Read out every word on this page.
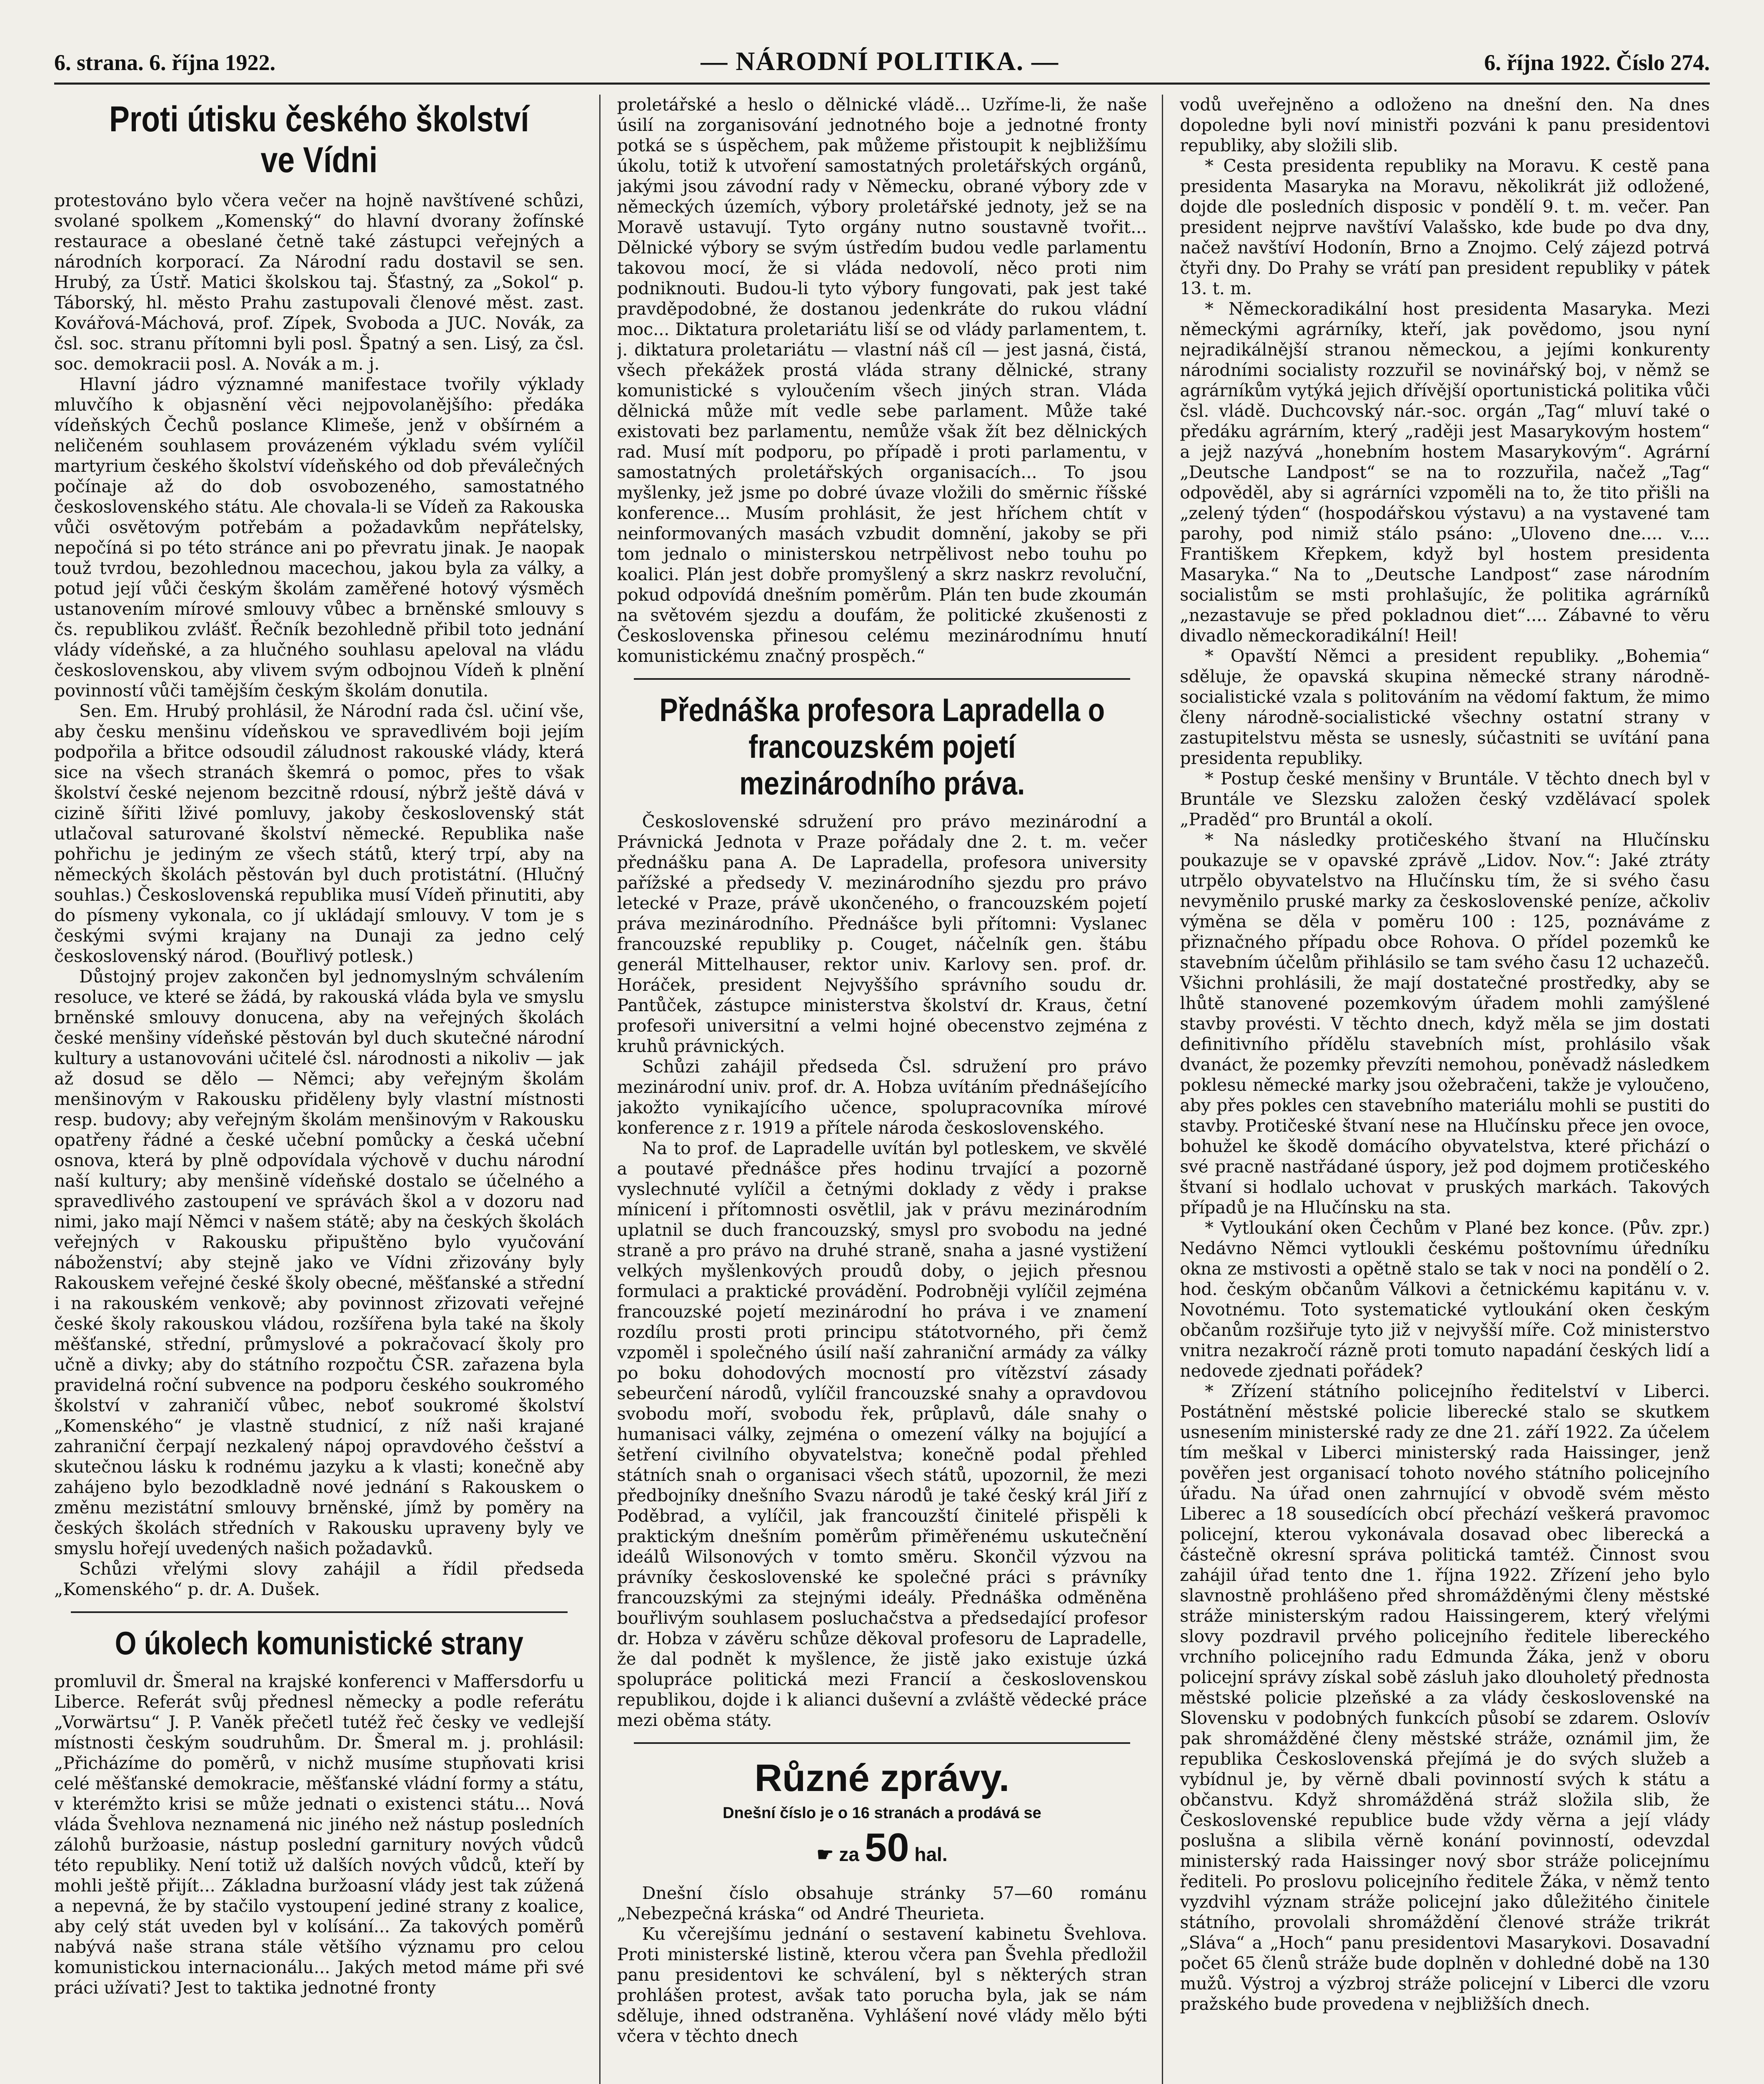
6. strana. 6. října 1922.	— NÁRODNÍ POLITIKA. —	6. října 1922. Číslo 274.
Proti útisku českého školství ve Vídni

protestováno bylo včera večer na hojně navštívené schůzi, svolané spolkem „Komenský“ do hlavní dvorany žofínské restaurace a obeslané četně také zástupci veřejných a národních korporací. Za Národní radu dostavil se sen. Hrubý, za Ústř. Matici školskou taj. Šťastný, za „Sokol“ p. Táborský, hl. město Prahu zastupovali členové měst. zast. Kovářová-Máchová, prof. Zípek, Svoboda a JUC. Novák, za čsl. soc. stranu přítomni byli posl. Špatný a sen. Lisý, za čsl. soc. demokracii posl. A. Novák a m. j.

Hlavní jádro významné manifestace tvořily výklady mluvčího k objasnění věci nejpovolanějšího: předáka vídeňských Čechů poslance Klimeše, jenž v obšírném a neličeném souhlasem provázeném výkladu svém vylíčil martyrium českého školství vídeňského od dob převálečných počínaje až do dob osvobozeného, samostatného československého státu. Ale chovala-li se Vídeň za Rakouska vůči osvětovým potřebám a požadavkům nepřátelsky, nepočíná si po této stránce ani po převratu jinak. Je naopak touž tvrdou, bezohlednou macechou, jakou byla za války, a potud její vůči českým školám zaměřené hotový výsměch ustanovením mírové smlouvy vůbec a brněnské smlouvy s čs. republikou zvlášť. Řečník bezohledně přibil toto jednání vlády vídeňské, a za hlučného souhlasu apeloval na vládu československou, aby vlivem svým odbojnou Vídeň k plnění povinností vůči tamějším českým školám donutila.

Sen. Em. Hrubý prohlásil, že Národní rada čsl. učiní vše, aby česku menšinu vídeňskou ve spravedlivém boji jejím podpořila a břitce odsoudil záludnost rakouské vlády, která sice na všech stranách škemrá o pomoc, přes to však školství české nejenom bezcitně rdousí, nýbrž ještě dává v cizině šířiti lživé pomluvy, jakoby československý stát utlačoval saturované školství německé. Republika naše pohřichu je jediným ze všech států, který trpí, aby na německých školách pěstován byl duch protistátní. (Hlučný souhlas.) Československá republika musí Vídeň přinutiti, aby do písmeny vykonala, co jí ukládají smlouvy. V tom je s českými svými krajany na Dunaji za jedno celý československý národ. (Bouřlivý potlesk.)

Důstojný projev zakončen byl jednomyslným schválením resoluce, ve které se žádá, by rakouská vláda byla ve smyslu brněnské smlouvy donucena, aby na veřejných školách české menšiny vídeňské pěstován byl duch skutečné národní kultury a ustanovováni učitelé čsl. národnosti a nikoliv — jak až dosud se dělo — Němci; aby veřejným školám menšinovým v Rakousku přiděleny byly vlastní místnosti resp. budovy; aby veřejným školám menšinovým v Rakousku opatřeny řádné a české učební pomůcky a česká učební osnova, která by plně odpovídala výchově v duchu národní naší kultury; aby menšině vídeňské dostalo se účelného a spravedlivého zastoupení ve správách škol a v dozoru nad nimi, jako mají Němci v našem státě; aby na českých školách veřejných v Rakousku připuštěno bylo vyučování náboženství; aby stejně jako ve Vídni zřizovány byly Rakouskem veřejné české školy obecné, měšťanské a střední i na rakouském venkově; aby povinnost zřizovati veřejné české školy rakouskou vládou, rozšířena byla také na školy měšťanské, střední, průmyslové a pokračovací školy pro učně a divky; aby do státního rozpočtu ČSR. zařazena byla pravidelná roční subvence na podporu českého soukromého školství v zahraničí vůbec, neboť soukromé školství „Komenského“ je vlastně studnicí, z níž naši krajané zahraniční čerpají nezkalený nápoj opravdového češství a skutečnou lásku k rodnému jazyku a k vlasti; konečně aby zahájeno bylo bezodkladně nové jednání s Rakouskem o změnu mezistátní smlouvy brněnské, jímž by poměry na českých školách středních v Rakousku upraveny byly ve smyslu hořejí uvedených našich požadavků.

Schůzi vřelými slovy zahájil a řídil předseda „Komenského“ p. dr. A. Dušek.

O úkolech komunistické strany

promluvil dr. Šmeral na krajské konferenci v Maffersdorfu u Liberce. Referát svůj přednesl německy a podle referátu „Vorwärtsu“ J. P. Vaněk přečetl tutéž řeč česky ve vedlejší místnosti českým soudruhům. Dr. Šmeral m. j. prohlásil: „Přicházíme do poměrů, v nichž musíme stupňovati krisi celé měšťanské demokracie, měšťanské vládní formy a státu, v kterémžto krisi se může jednati o existenci státu... Nová vláda Švehlova neznamená nic jiného než nástup posledních zálohů buržoasie, nástup poslední garnitury nových vůdců této republiky. Není totiž už dalších nových vůdců, kteří by mohli ještě přijít... Základna buržoasní vlády jest tak zúžená a nepevná, že by stačilo vystoupení jediné strany z koalice, aby celý stát uveden byl v kolísání... Za takových poměrů nabývá naše strana stále většího významu pro celou komunistickou internacionálu... Jakých metod máme při své práci užívati? Jest to taktika jednotné fronty

proletářské a heslo o dělnické vládě... Uzříme-li, že naše úsilí na zorganisování jednotného boje a jednotné fronty potká se s úspěchem, pak můžeme přistoupit k nejbližšímu úkolu, totiž k utvoření samostatných proletářských orgánů, jakými jsou závodní rady v Německu, obrané výbory zde v německých územích, výbory proletářské jednoty, jež se na Moravě ustavují. Tyto orgány nutno soustavně tvořit... Dělnické výbory se svým ústředím budou vedle parlamentu takovou mocí, že si vláda nedovolí, něco proti nim podniknouti. Budou-li tyto výbory fungovati, pak jest také pravděpodobné, že dostanou jedenkráte do rukou vládní moc... Diktatura proletariátu liší se od vlády parlamentem, t. j. diktatura proletariátu — vlastní náš cíl — jest jasná, čistá, všech překážek prostá vláda strany dělnické, strany komunistické s vyloučením všech jiných stran. Vláda dělnická může mít vedle sebe parlament. Může také existovati bez parlamentu, nemůže však žít bez dělnických rad. Musí mít podporu, po případě i proti parlamentu, v samostatných proletářských organisacích... To jsou myšlenky, jež jsme po dobré úvaze vložili do směrnic říšské konference... Musím prohlásit, že jest hříchem chtít v neinformovaných masách vzbudit domnění, jakoby se při tom jednalo o ministerskou netrpělivost nebo touhu po koalici. Plán jest dobře promyšlený a skrz naskrz revoluční, pokud odpovídá dnešním poměrům. Plán ten bude zkoumán na světovém sjezdu a doufám, že politické zkušenosti z Československa přinesou celému mezinárodnímu hnutí komunistickému značný prospěch.“

Přednáška profesora Lapradella o francouzském pojetí mezinárodního práva.

Československé sdružení pro právo mezinárodní a Právnická Jednota v Praze pořádaly dne 2. t. m. večer přednášku pana A. De Lapradella, profesora university pařížské a předsedy V. mezinárodního sjezdu pro právo letecké v Praze, právě ukončeného, o francouzském pojetí práva mezinárodního. Přednášce byli přítomni: Vyslanec francouzské republiky p. Couget, náčelník gen. štábu generál Mittelhauser, rektor univ. Karlovy sen. prof. dr. Horáček, president Nejvyššího správního soudu dr. Pantůček, zástupce ministerstva školství dr. Kraus, četní profesoři universitní a velmi hojné obecenstvo zejména z kruhů právnických.

Schůzi zahájil předseda Čsl. sdružení pro právo mezinárodní univ. prof. dr. A. Hobza uvítáním přednášejícího jakožto vynikajícího učence, spolupracovníka mírové konference z r. 1919 a přítele národa československého.

Na to prof. de Lapradelle uvítán byl potleskem, ve skvělé a poutavé přednášce přes hodinu trvající a pozorně vyslechnuté vylíčil a četnými doklady z vědy i prakse mínicení i přítomnosti osvětlil, jak v právu mezinárodním uplatnil se duch francouzský, smysl pro svobodu na jedné straně a pro právo na druhé straně, snaha a jasné vystižení velkých myšlenkových proudů doby, o jejich přesnou formulaci a praktické provádění. Podrobněji vylíčil zejména francouzské pojetí mezinárodní ho práva i ve znamení rozdílu prosti proti principu státotvorného, při čemž vzpoměl i společného úsilí naší zahraniční armády za války po boku dohodových mocností pro vítězství zásady sebeurčení národů, vylíčil francouzské snahy a opravdovou svobodu moří, svobodu řek, průplavů, dále snahy o humanisaci války, zejména o omezení války na bojující a šetření civilního obyvatelstva; konečně podal přehled státních snah o organisaci všech států, upozornil, že mezi předbojníky dnešního Svazu národů je také český král Jiří z Poděbrad, a vylíčil, jak francouzští činitelé přispěli k praktickým dnešním poměrům přiměřenému uskutečnění ideálů Wilsonových v tomto směru. Skončil výzvou na právníky československé ke společné práci s právníky francouzskými za stejnými ideály. Přednáška odměněna bouřlivým souhlasem posluchačstva a předsedající profesor dr. Hobza v závěru schůze děkoval profesoru de Lapradelle, že dal podnět k myšlence, že jistě jako existuje úzká spolupráce politická mezi Francií a československou republikou, dojde i k alianci duševní a zvláště vědecké práce mezi oběma státy.

Různé zprávy.
Dnešní číslo je o 16 stranách a prodává se
☛ za 50 hal.

Dnešní číslo obsahuje stránky 57—60 románu „Nebezpečná kráska“ od André Theurieta.

Ku včerejšímu jednání o sestavení kabinetu Švehlova. Proti ministerské listině, kterou včera pan Švehla předložil panu presidentovi ke schválení, byl s některých stran prohlášen protest, avšak tato porucha byla, jak se nám sděluje, ihned odstraněna. Vyhlášení nové vlády mělo býti včera v těchto dnech

vodů uveřejněno a odloženo na dnešní den. Na dnes dopoledne byli noví ministři pozváni k panu presidentovi republiky, aby složili slib.

* Cesta presidenta republiky na Moravu. K cestě pana presidenta Masaryka na Moravu, několikrát již odložené, dojde dle posledních disposic v pondělí 9. t. m. večer. Pan president nejprve navštíví Valašsko, kde bude po dva dny, načež navštíví Hodonín, Brno a Znojmo. Celý zájezd potrvá čtyři dny. Do Prahy se vrátí pan president republiky v pátek 13. t. m.

* Německoradikální host presidenta Masaryka. Mezi německými agrárníky, kteří, jak povědomo, jsou nyní nejradikálnější stranou německou, a jejími konkurenty národními socialisty rozzuřil se novinářský boj, v němž se agrárníkům vytýká jejich dřívější oportunistická politika vůči čsl. vládě. Duchcovský nár.-soc. orgán „Tag“ mluví také o předáku agrárním, který „raději jest Masarykovým hostem“ a jejž nazývá „honebním hostem Masarykovým“. Agrární „Deutsche Landpost“ se na to rozzuřila, načež „Tag“ odpověděl, aby si agrárníci vzpoměli na to, že tito přišli na „zelený týden“ (hospodářskou výstavu) a na vystavené tam parohy, pod nimiž stálo psáno: „Uloveno dne.... v.... Františkem Křepkem, když byl hostem presidenta Masaryka.“ Na to „Deutsche Landpost“ zase národním socialistům se msti prohlašujíc, že politika agrárníků „nezastavuje se před pokladnou diet“.... Zábavné to věru divadlo německoradikální! Heil!

* Opavští Němci a president republiky. „Bohemia“ sděluje, že opavská skupina německé strany národně-socialistické vzala s politováním na vědomí faktum, že mimo členy národně-socialistické všechny ostatní strany v zastupitelstvu města se usnesly, súčastniti se uvítání pana presidenta republiky.

* Postup české menšiny v Bruntále. V těchto dnech byl v Bruntále ve Slezsku založen český vzdělávací spolek „Praděd“ pro Bruntál a okolí.

* Na následky protičeského štvaní na Hlučínsku poukazuje se v opavské zprávě „Lidov. Nov.“: Jaké ztráty utrpělo obyvatelstvo na Hlučínsku tím, že si svého času nevyměnilo pruské marky za československé peníze, ačkoliv výměna se děla v poměru 100 : 125, poznáváme z přiznačného případu obce Rohova. O přídel pozemků ke stavebním účelům přihlásilo se tam svého času 12 uchazečů. Všichni prohlásili, že mají dostatečné prostředky, aby se lhůtě stanovené pozemkovým úřadem mohli zamýšlené stavby provésti. V těchto dnech, když měla se jim dostati definitivního přídělu stavebních míst, prohlásilo však dvanáct, že pozemky převzíti nemohou, poněvadž následkem poklesu německé marky jsou ožebračeni, takže je vyloučeno, aby přes pokles cen stavebního materiálu mohli se pustiti do stavby. Protičeské štvaní nese na Hlučínsku přece jen ovoce, bohužel ke škodě domácího obyvatelstva, které přichází o své pracně nastřádané úspory, jež pod dojmem protičeského štvaní si hodlalo uchovat v pruských markách. Takových případů je na Hlučínsku na sta.

* Vytloukání oken Čechům v Plané bez konce. (Pův. zpr.) Nedávno Němci vytloukli českému poštovnímu úředníku okna ze mstivosti a opětně stalo se tak v noci na pondělí o 2. hod. českým občanům Válkovi a četnickému kapitánu v. v. Novotnému. Toto systematické vytloukání oken českým občanům rozšiřuje tyto již v nejvyšší míře. Což ministerstvo vnitra nezakročí rázně proti tomuto napadání českých lidí a nedovede zjednati pořádek?

* Zřízení státního policejního ředitelství v Liberci. Postátnění městské policie liberecké stalo se skutkem usnesením ministerské rady ze dne 21. září 1922. Za účelem tím meškal v Liberci ministerský rada Haissinger, jenž pověřen jest organisací tohoto nového státního policejního úřadu. Na úřad onen zahrnující v obvodě svém město Liberec a 18 sousedících obcí přechází veškerá pravomoc policejní, kterou vykonávala dosavad obec liberecká a částečně okresní správa politická tamtéž. Činnost svou zahájil úřad tento dne 1. října 1922. Zřízení jeho bylo slavnostně prohlášeno před shromážděnými členy městské stráže ministerským radou Haissingerem, který vřelými slovy pozdravil prvého policejního ředitele libereckého vrchního policejního radu Edmunda Žáka, jenž v oboru policejní správy získal sobě zásluh jako dlouholetý přednosta městské policie plzeňské a za vlády československé na Slovensku v podobných funkcích působí se zdarem. Oslovív pak shromážděné členy městské stráže, oznámil jim, že republika Československá přejímá je do svých služeb a vybídnul je, by věrně dbali povinností svých k státu a občanstvu. Když shromážděná stráž složila slib, že Československé republice bude vždy věrna a její vlády poslušna a slibila věrně konání povinností, odevzdal ministerský rada Haissinger nový sbor stráže policejnímu řediteli. Po proslovu policejního ředitele Žáka, v němž tento vyzdvihl význam stráže policejní jako důležitého činitele státního, provolali shromáždění členové stráže trikrát „Sláva“ a „Hoch“ panu presidentovi Masarykovi. Dosavadní počet 65 členů stráže bude doplněn v dohledné době na 130 mužů. Výstroj a výzbroj stráže policejní v Liberci dle vzoru pražského bude provedena v nejbližších dnech.
